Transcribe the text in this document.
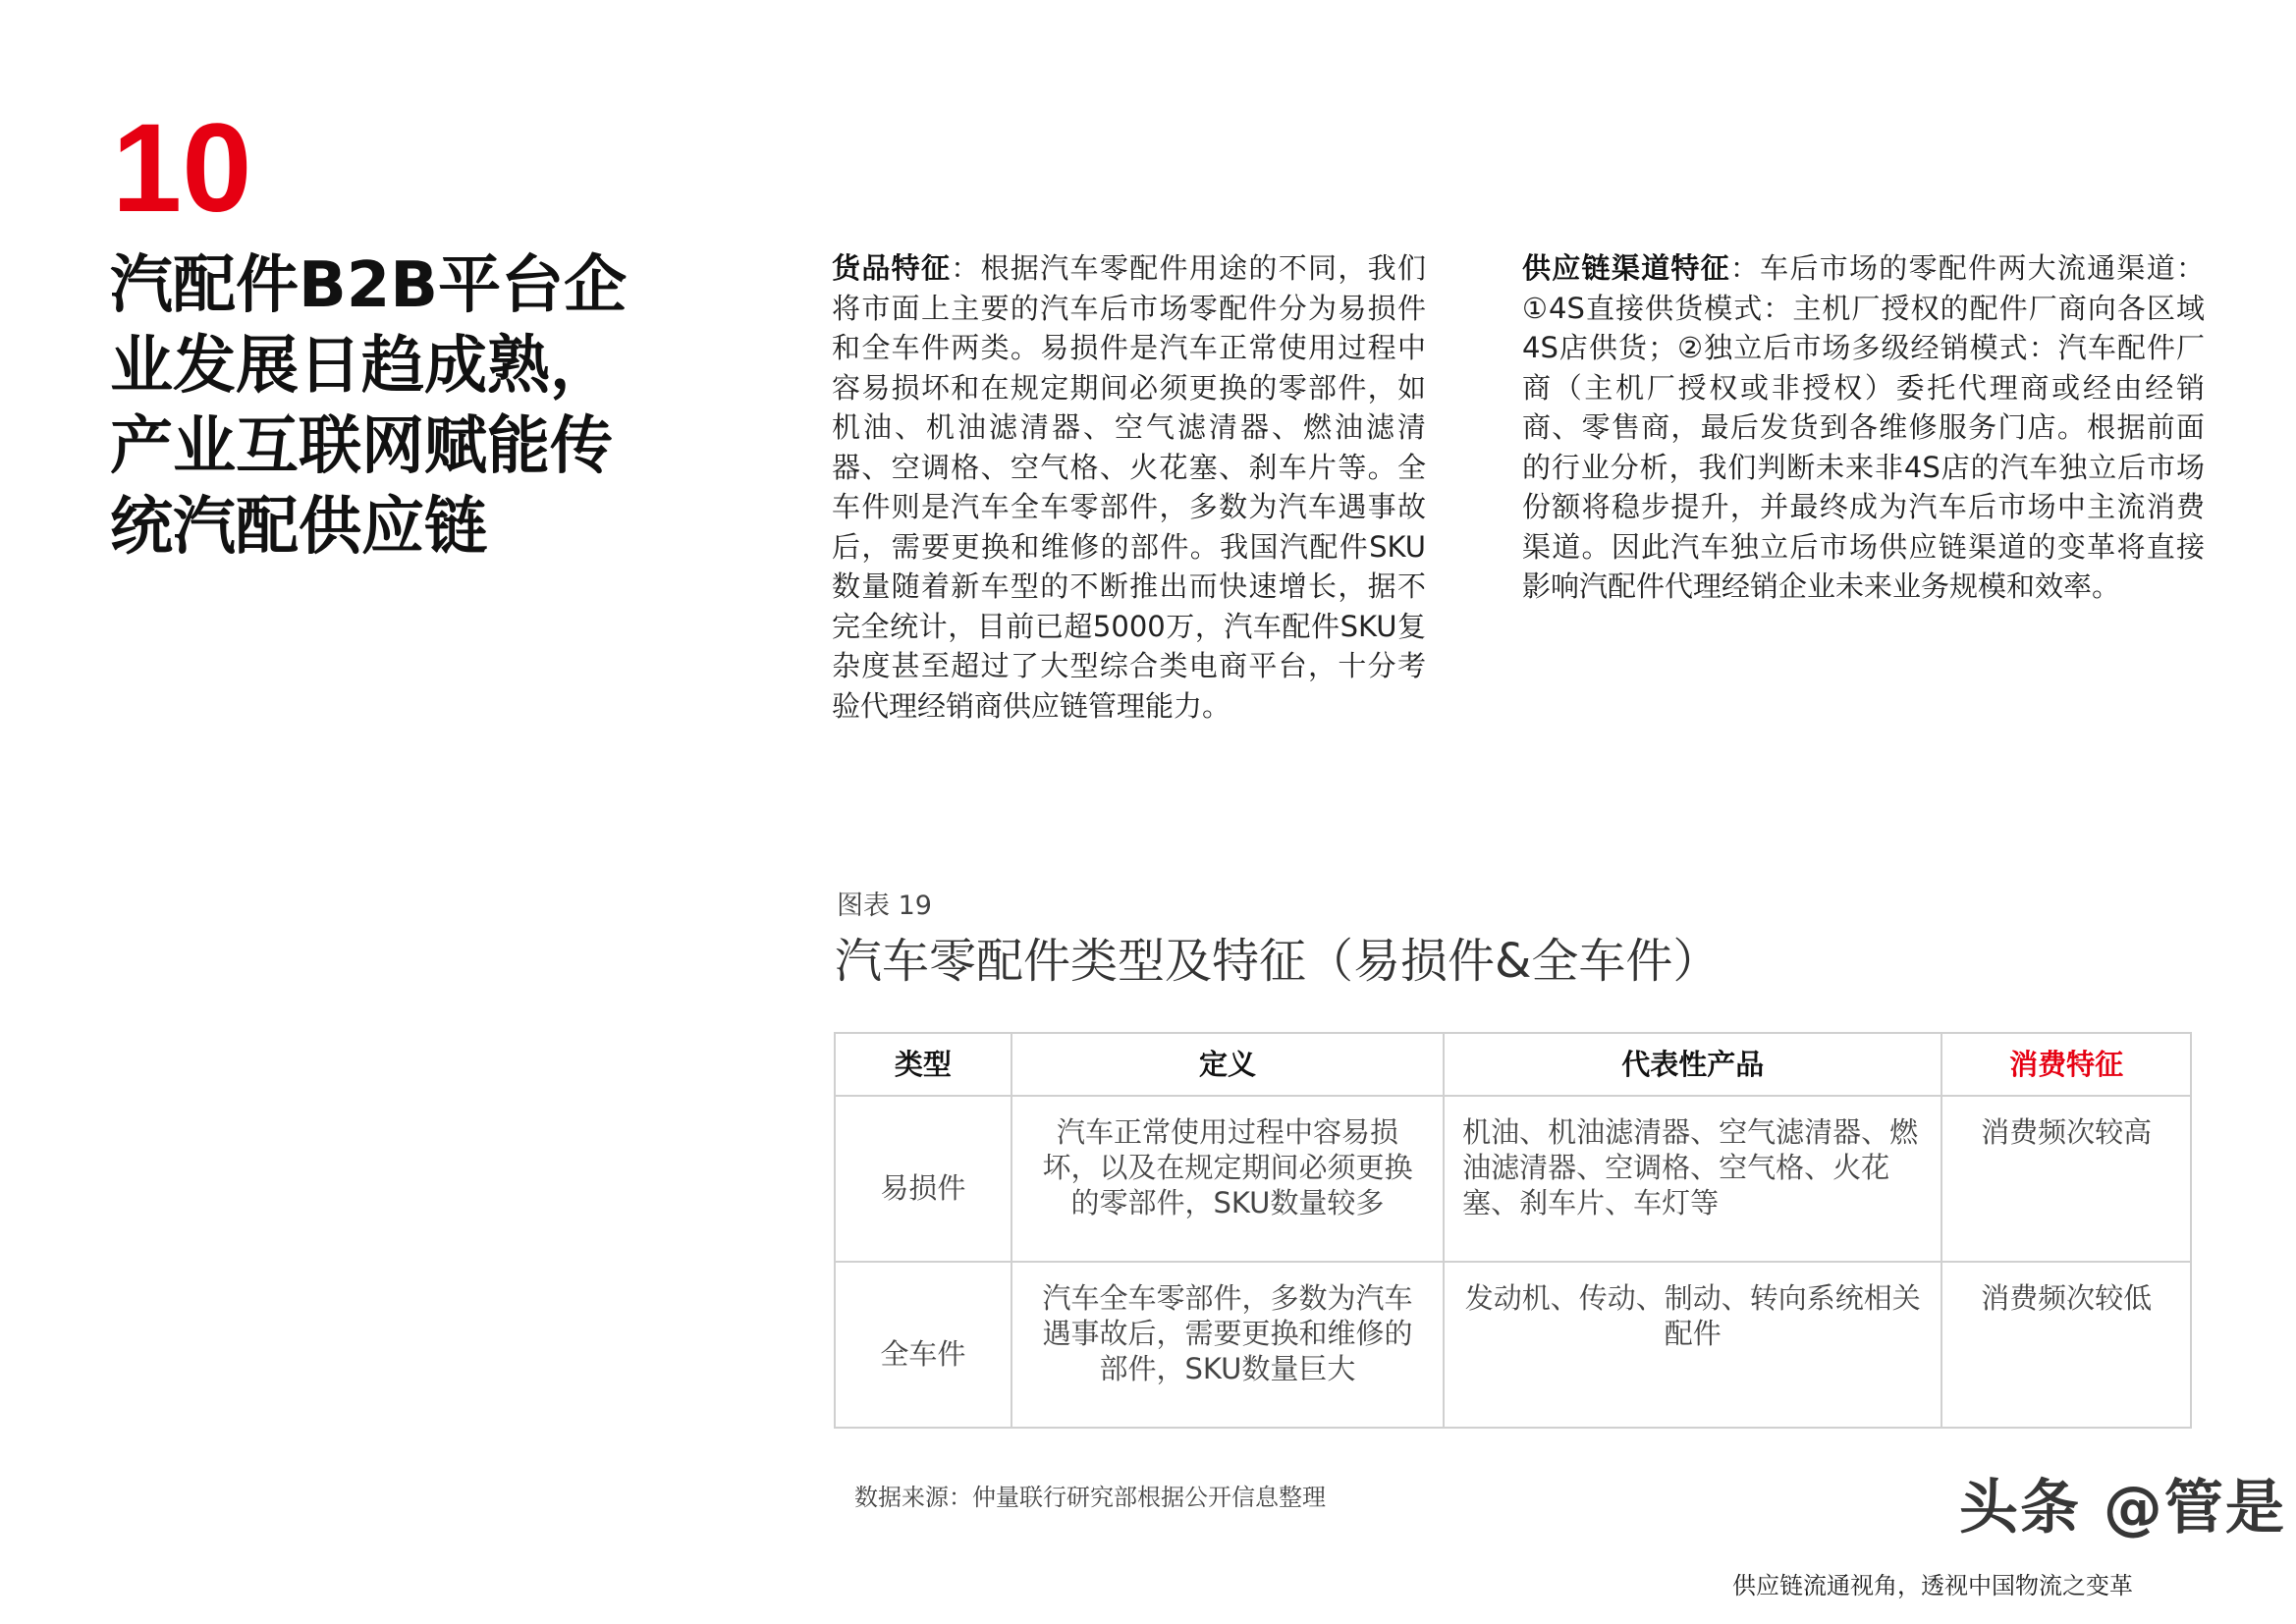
10
汽配件B2B平台企业发展日趋成熟，产业互联网赋能传统汽配供应链
货品特征：根据汽车零配件用途的不同，我们将市面上主要的汽车后市场零配件分为易损件和全车件两类。易损件是汽车正常使用过程中容易损坏和在规定期间必须更换的零部件，如机油、机油滤清器、空气滤清器、燃油滤清器、空调格、空气格、火花塞、刹车片等。全车件则是汽车全车零部件，多数为汽车遇事故后，需要更换和维修的部件。我国汽配件SKU数量随着新车型的不断推出而快速增长，据不完全统计，目前已超5000万，汽车配件SKU复杂度甚至超过了大型综合类电商平台，十分考验代理经销商供应链管理能力。
供应链渠道特征：车后市场的零配件两大流通渠道：①4S直接供货模式：主机厂授权的配件厂商向各区域4S店供货；②独立后市场多级经销模式：汽车配件厂商（主机厂授权或非授权）委托代理商或经由经销商、零售商，最后发货到各维修服务门店。根据前面的行业分析，我们判断未来非4S店的汽车独立后市场份额将稳步提升，并最终成为汽车后市场中主流消费渠道。因此汽车独立后市场供应链渠道的变革将直接影响汽配件代理经销企业未来业务规模和效率。
图表 19
汽车零配件类型及特征（易损件&全车件）
类型	定义	代表性产品	消费特征
易损件	汽车正常使用过程中容易损坏，以及在规定期间必须更换的零部件，SKU数量较多	机油、机油滤清器、空气滤清器、燃油滤清器、空调格、空气格、火花塞、刹车片、车灯等	消费频次较高
全车件	汽车全车零部件，多数为汽车遇事故后，需要更换和维修的部件，SKU数量巨大	发动机、传动、制动、转向系统相关配件	消费频次较低
数据来源：仲量联行研究部根据公开信息整理	头条 @管是
供应链流通视角，透视中国物流之变革
